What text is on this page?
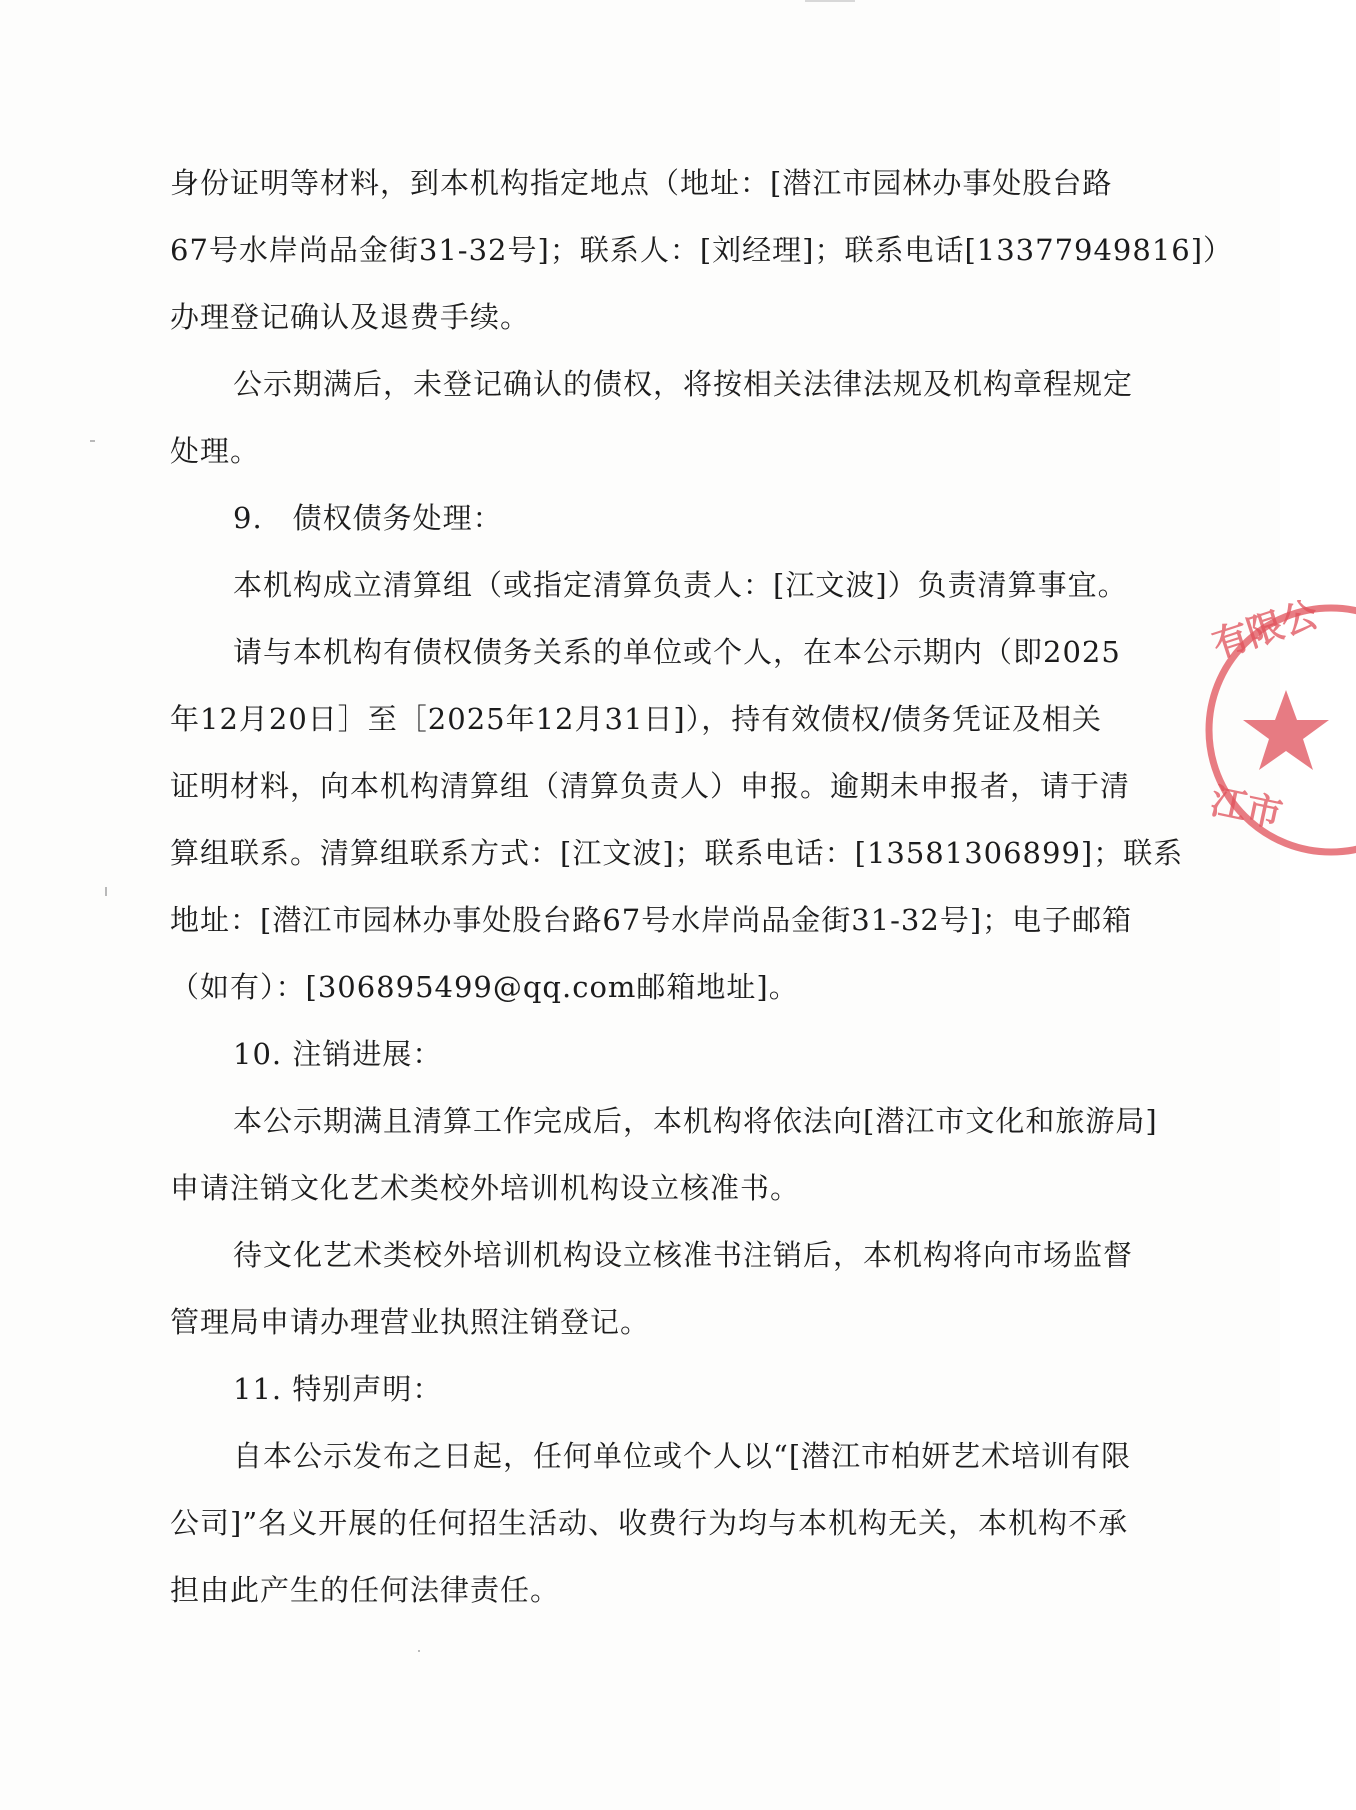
身份证明等材料，到本机构指定地点（地址：[潜江市园林办事处股台路
67号水岸尚品金街31-32号]；联系人：[刘经理]；联系电话[13377949816]）
办理登记确认及退费手续。
公示期满后，未登记确认的债权，将按相关法律法规及机构章程规定
处理。
9.　债权债务处理：
本机构成立清算组（或指定清算负责人：[江文波]）负责清算事宜。
请与本机构有债权债务关系的单位或个人，在本公示期内（即2025
年12月20日］至［2025年12月31日]），持有效债权/债务凭证及相关
证明材料，向本机构清算组（清算负责人）申报。逾期未申报者，请于清
算组联系。清算组联系方式：[江文波]；联系电话：[13581306899]；联系
地址：[潜江市园林办事处股台路67号水岸尚品金街31-32号]；电子邮箱
（如有）：[306895499@qq.com邮箱地址]。
10. 注销进展：
本公示期满且清算工作完成后，本机构将依法向[潜江市文化和旅游局]
申请注销文化艺术类校外培训机构设立核准书。
待文化艺术类校外培训机构设立核准书注销后，本机构将向市场监督
管理局申请办理营业执照注销登记。
11. 特别声明：
自本公示发布之日起，任何单位或个人以“[潜江市柏妍艺术培训有限
公司]”名义开展的任何招生活动、收费行为均与本机构无关，本机构不承
担由此产生的任何法律责任。
有限公
江市
